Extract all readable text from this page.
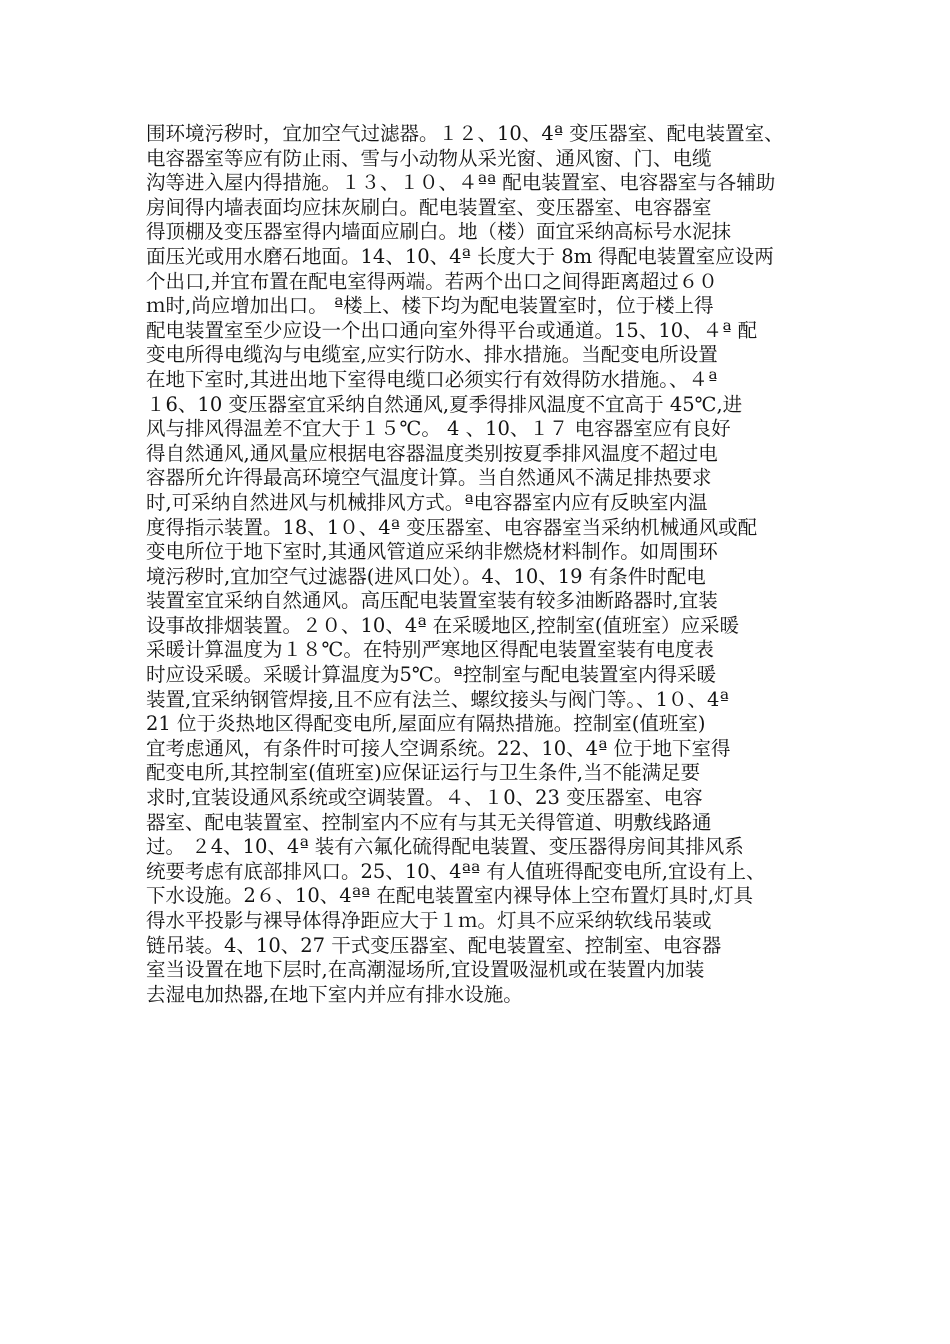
围环境污秽时，宜加空气过滤器。１２、10、4ª 变压器室、配电装置室、
电容器室等应有防止雨、雪与小动物从采光窗、通风窗、门、电缆
沟等进入屋内得措施。１３、１０、４ªª 配电装置室、电容器室与各辅助
房间得内墙表面均应抹灰刷白。配电装置室、变压器室、电容器室
得顶棚及变压器室得内墙面应刷白。地（楼）面宜采纳高标号水泥抹
面压光或用水磨石地面。14、10、4ª 长度大于 8m 得配电装置室应设两
个出口,并宜布置在配电室得两端。若两个出口之间得距离超过６０
ｍ时,尚应增加出口。 ª楼上、楼下均为配电装置室时，位于楼上得
配电装置室至少应设一个出口通向室外得平台或通道。15、10、４ª 配
变电所得电缆沟与电缆室,应实行防水、排水措施。当配变电所设置
在地下室时,其进出地下室得电缆口必须实行有效得防水措施。、４ª
１6、10 变压器室宜采纳自然通风,夏季得排风温度不宜高于 45℃,进
风与排风得温差不宜大于１５℃。 4 、10、１７ 电容器室应有良好
得自然通风,通风量应根据电容器温度类别按夏季排风温度不超过电
容器所允许得最高环境空气温度计算。当自然通风不满足排热要求
时,可采纳自然进风与机械排风方式。ª电容器室内应有反映室内温
度得指示装置。18、1０、4ª 变压器室、电容器室当采纳机械通风或配
变电所位于地下室时,其通风管道应采纳非燃烧材料制作。如周围环
境污秽时,宜加空气过滤器(进风口处）。4、10、19 有条件时配电
装置室宜采纳自然通风。高压配电装置室装有较多油断路器时,宜装
设事故排烟装置。２０、10、4ª 在采暖地区,控制室(值班室）应采暖
采暖计算温度为１８℃。在特别严寒地区得配电装置室装有电度表
时应设采暖。采暖计算温度为5℃。ª控制室与配电装置室内得采暖
装置,宜采纳钢管焊接,且不应有法兰、螺纹接头与阀门等。、1０、4ª
21 位于炎热地区得配变电所,屋面应有隔热措施。控制室(值班室)
宜考虑通风，有条件时可接人空调系统。22、10、4ª 位于地下室得
配变电所,其控制室(值班室)应保证运行与卫生条件,当不能满足要
求时,宜装设通风系统或空调装置。４、１0、23 变压器室、电容
器室、配电装置室、控制室内不应有与其无关得管道、明敷线路通
过。 ２4、10、4ª 装有六氟化硫得配电装置、变压器得房间其排风系
统要考虑有底部排风口。25、10、4ªª 有人值班得配变电所,宜设有上、
下水设施。2６、10、4ªª 在配电装置室内裸导体上空布置灯具时,灯具
得水平投影与裸导体得净距应大于１ｍ。灯具不应采纳软线吊装或
链吊装。4、10、27 干式变压器室、配电装置室、控制室、电容器
室当设置在地下层时,在高潮湿场所,宜设置吸湿机或在装置内加装
去湿电加热器,在地下室内并应有排水设施。
